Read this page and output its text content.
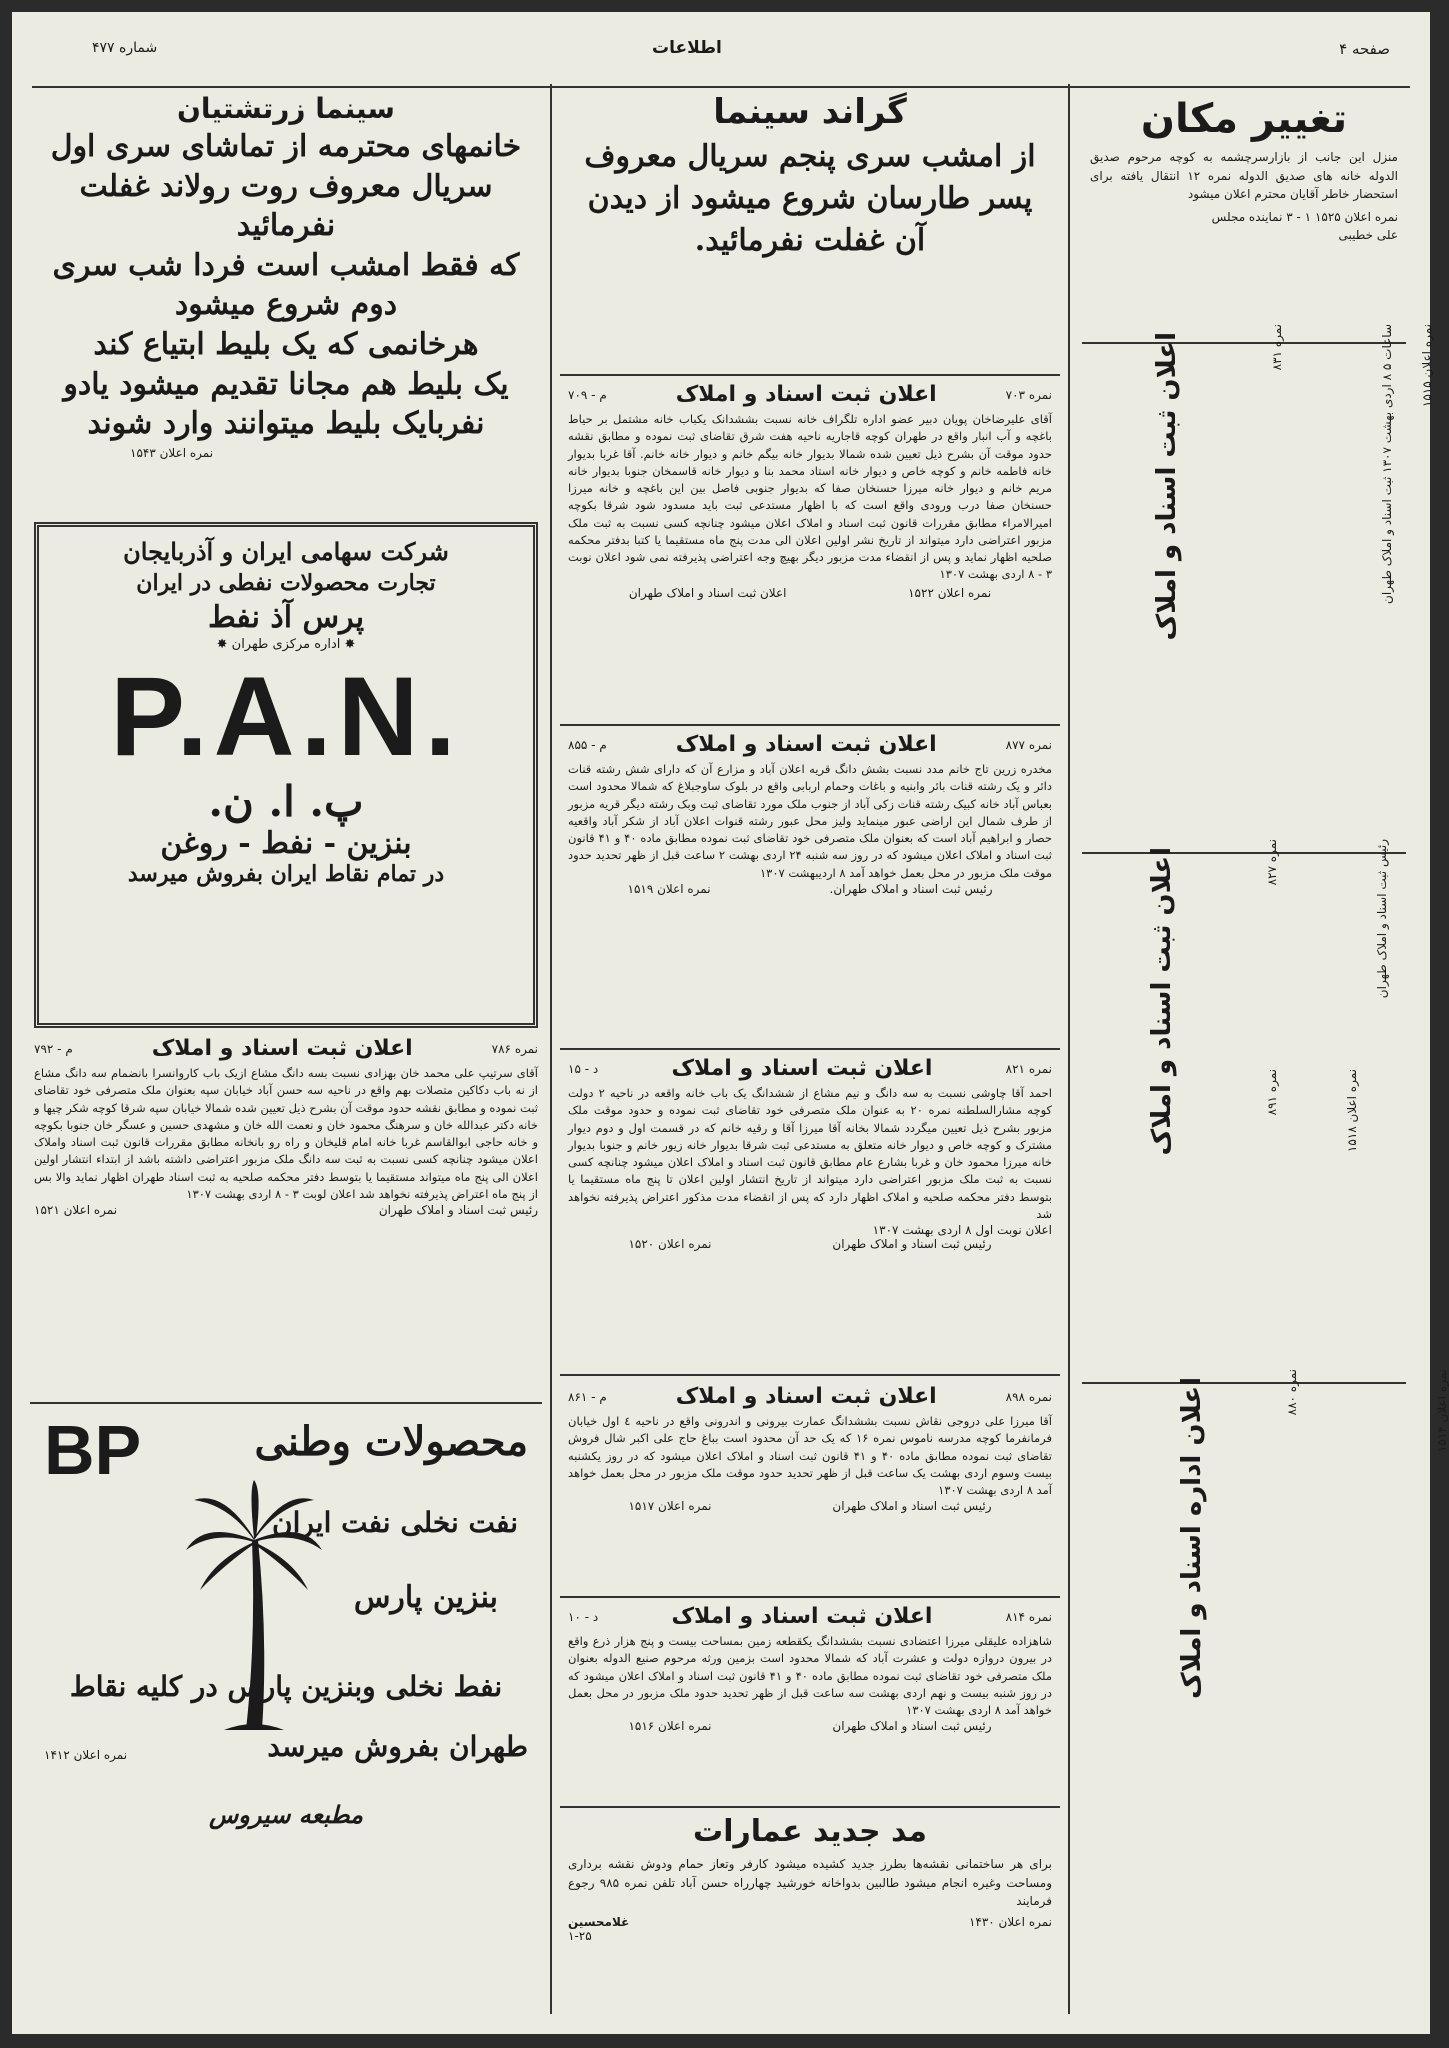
شماره ۴۷۷	اطلاعات	صفحه ۴
تغییر مکان
منزل این جانب از بازارسرچشمه به کوچه مرحوم صدیق الدوله خانه های صدیق الدوله نمره ۱۲ انتقال یافته برای استحضار خاطر آقایان محترم اعلان میشود
نمره اعلان ۱۵۲۵ ۱ - ۳ نماینده مجلس
علی خطیبی
اعلان ثبت اسناد و املاک	نمره ۸۳۱
ساعات ۵ ۸ اردی بهشت ۱۳۰۷ ثبت اسناد و املاک طهران
نمره اعلان ۱۵۱۵
اعلان ثبت اسناد و املاک	نمره ۸۲۷	رئیس ثبت اسناد و املاک طهران
نمره ۸۹۱
نمره اعلان ۱۵۱۸
اعلان اداره اسناد و املاک	نمره ۸۸۰
نمره اعلان ۱۵۱۴
گراند سینما
از امشب سری پنجم سریال معروف پسر طارسان شروع میشود از دیدن آن غفلت نفرمائید.
نمره ۷۰۳
اعلان ثبت اسناد و املاک
م - ۷۰۹
آقای علیرضاخان پویان دبیر عضو اداره تلگراف خانه نسبت بششدانک یکباب خانه مشتمل بر حیاط باغچه و آب انبار واقع در طهران کوچه قاجاریه ناحیه هفت شرق تقاضای ثبت نموده و مطابق نقشه حدود موقت آن بشرح ذیل تعیین شده شمالا بدیوار خانه بیگم خانم و دیوار خانه خانم. آقا غربا بدیوار خانه فاطمه خانم و کوچه خاص و دیوار خانه استاد محمد بنا و دیوار خانه قاسمخان جنوبا بدیوار خانه مریم خانم و دیوار خانه میرزا حسنخان صفا که بدیوار جنوبی فاصل بین این باغچه و خانه میرزا حسنخان صفا درب ورودی واقع است که با اظهار مستدعی ثبت باید مسدود شود شرقا بکوچه امیرالامراء مطابق مقررات قانون ثبت اسناد و املاک اعلان میشود چنانچه کسی نسبت به ثبت ملک مزبور اعتراضی دارد میتواند از تاریخ نشر اولین اعلان الی مدت پنج ماه مستقیما یا کتبا بدفتر محکمه صلحیه اظهار نماید و پس از انقضاء مدت مزبور دیگر بهیچ وجه اعتراضی پذیرفته نمی شود اعلان نوبت ۳ - ۸ اردی بهشت ۱۳۰۷
نمره اعلان ۱۵۲۲
اعلان ثبت اسناد و املاک طهران
نمره ۸۷۷
اعلان ثبت اسناد و املاک
م - ۸۵۵
مخدره زرین تاج خانم مدد نسبت بشش دانگ قریه اعلان آباد و مزارع آن که دارای شش رشته قنات دائر و یک رشته قنات بائر وابنیه و باغات وحمام اربابی واقع در بلوک ساوجبلاغ که شمالا محدود است بعباس آباد خانه کبیک رشته قنات زکی آباد از جنوب ملک مورد تقاضای ثبت وبک رشته دیگر قریه مزبور از طرف شمال این اراضی عبور مینماید ولیز محل عبور رشته قنوات اعلان آباد از شکر آباد واقعیه حصار و ابراهیم آباد است که بعنوان ملک متصرفی خود تقاضای ثبت نموده مطابق ماده ۴۰ و ۴۱ قانون ثبت اسناد و املاک اعلان میشود که در روز سه شنبه ۲۴ اردی بهشت ۲ ساعت قبل از ظهر تحدید حدود موقت ملک مزبور در محل بعمل خواهد آمد ۸ اردیبهشت ۱۳۰۷
رئیس ثبت اسناد و املاک طهران.
نمره اعلان ۱۵۱۹
نمره ۸۲۱
اعلان ثبت اسناد و املاک
د - ۱۵
احمد آقا چاوشی نسبت به سه دانگ و نیم مشاع از ششدانگ یک باب خانه واقعه در ناحیه ۲ دولت کوچه مشارالسلطنه نمره ۲۰ به عنوان ملک متصرفی خود تقاضای ثبت نموده و حدود موقت ملک مزبور بشرح ذیل تعیین میگردد شمالا بخانه آقا میرزا آقا و رقیه خانم که در قسمت اول و دوم دیوار مشترک و کوچه خاص و دیوار خانه متعلق به مستدعی ثبت شرقا بدیوار خانه زیور خانم و جنوبا بدیوار خانه میرزا محمود خان و غربا بشارع عام مطابق قانون ثبت اسناد و املاک اعلان میشود چنانچه کسی نسبت به ثبت ملک مزبور اعتراضی دارد میتواند از تاریخ انتشار اولین اعلان تا پنج ماه مستقیما یا بتوسط دفتر محکمه صلحیه و املاک اظهار دارد که پس از انقضاء مدت مذکور اعتراض پذیرفته نخواهد شد
اعلان نوبت اول ۸ اردی بهشت ۱۳۰۷
رئیس ثبت اسناد و املاک طهران
نمره اعلان ۱۵۲۰
نمره ۸۹۸
اعلان ثبت اسناد و املاک
م - ۸۶۱
آقا میرزا علی دروجی نقاش نسبت بششدانگ عمارت بیرونی و اندرونی واقع در ناحیه ٤ اول خیابان فرمانفرما کوچه مدرسه ناموس نمره ۱۶ که یک حد آن محدود است بباغ حاج علی اکبر شال فروش تقاضای ثبت نموده مطابق ماده ۴۰ و ۴۱ قانون ثبت اسناد و املاک اعلان میشود که در روز یکشنبه بیست وسوم اردی بهشت یک ساعت قبل از ظهر تحدید حدود موقت ملک مزبور در محل بعمل خواهد آمد ۸ اردی بهشت ۱۳۰۷
رئیس ثبت اسناد و املاک طهران
نمره اعلان ۱۵۱۷
نمره ۸۱۴
اعلان ثبت اسناد و املاک
د - ۱۰
شاهزاده علیقلی میرزا اعتضادی نسبت بششدانگ یکقطعه زمین بمساحت بیست و پنج هزار ذرع واقع در بیرون دروازه دولت و عشرت آباد که شمالا محدود است بزمین ورثه مرحوم صنیع الدوله بعنوان ملک متصرفی خود تقاضای ثبت نموده مطابق ماده ۴۰ و ۴۱ قانون ثبت اسناد و املاک اعلان میشود که در روز شنبه بیست و نهم اردی بهشت سه ساعت قبل از ظهر تحدید حدود ملک مزبور در محل بعمل خواهد آمد ۸ اردی بهشت ۱۳۰۷
رئیس ثبت اسناد و املاک طهران
نمره اعلان ۱۵۱۶
مد جدید عمارات
برای هر ساختمانی نقشه‌ها بطرز جدید کشیده میشود کارفر وتعاز حمام ودوش نقشه برداری ومساحت وغیره انجام میشود طالبین بدواخانه خورشید چهارراه حسن آباد تلفن نمره ۹۸۵ رجوع فرمایند
نمره اعلان ۱۴۳۰
غلامحسین
۱-۲۵
سینما زرتشتیان
خانمهای محترمه از تماشای سری اول
سریال معروف روت رولاند غفلت نفرمائید
که فقط امشب است فردا شب سری
دوم شروع میشود
هرخانمی که یک بلیط ابتیاع کند
یک بلیط هم مجانا تقدیم میشود یادو
نفربایک بلیط میتوانند وارد شوند
نمره اعلان ۱۵۴۳
شرکت سهامی ایران و آذربایجان
تجارت محصولات نفطی در ایران
پرس آذ نفط
✸ اداره مرکزی طهران ✸
P.A.N.
پ. ا. ن.
بنزین - نفط - روغن
در تمام نقاط ایران بفروش میرسد
نمره ۷۸۶
اعلان ثبت اسناد و املاک
م - ۷۹۲
آقای سرتیپ علی محمد خان بهزادی نسبت بسه دانگ مشاع ازیک باب کاروانسرا بانضمام سه دانگ مشاع از نه باب دکاکین متصلات بهم واقع در ناحیه سه حسن آباد خیابان سپه بعنوان ملک متصرفی خود تقاضای ثبت نموده و مطابق نقشه حدود موقت آن بشرح ذیل تعیین شده شمالا خیابان سپه شرقا کوچه شکر چیها و خانه دکتر عبدالله خان و سرهنگ محمود خان و نعمت الله خان و مشهدی حسین و عسگر خان جنوبا بکوچه و خانه حاجی ابوالقاسم غربا خانه امام قلیخان و راه رو بانخانه مطابق مقررات قانون ثبت اسناد واملاک اعلان میشود چنانچه کسی نسبت به ثبت سه دانگ ملک مزبور اعتراضی داشته باشد از ابتداء انتشار اولین اعلان الی پنج ماه میتواند مستقیما یا بتوسط دفتر محکمه صلحیه به ثبت اسناد طهران اظهار نماید والا بس از پنج ماه اعتراض پذیرفته نخواهد شد اعلان لوبت ۳ - ۸ اردی بهشت ۱۳۰۷
رئیس ثبت اسناد و املاک طهران
نمره اعلان ۱۵۲۱
BP	محصولات وطنی
نفت نخلی نفت ایران
بنزین پارس
نفط نخلی وبنزین پارس در کلیه نقاط
طهران بفروش میرسد
نمره اعلان ۱۴۱۲
مطبعه سیروس
